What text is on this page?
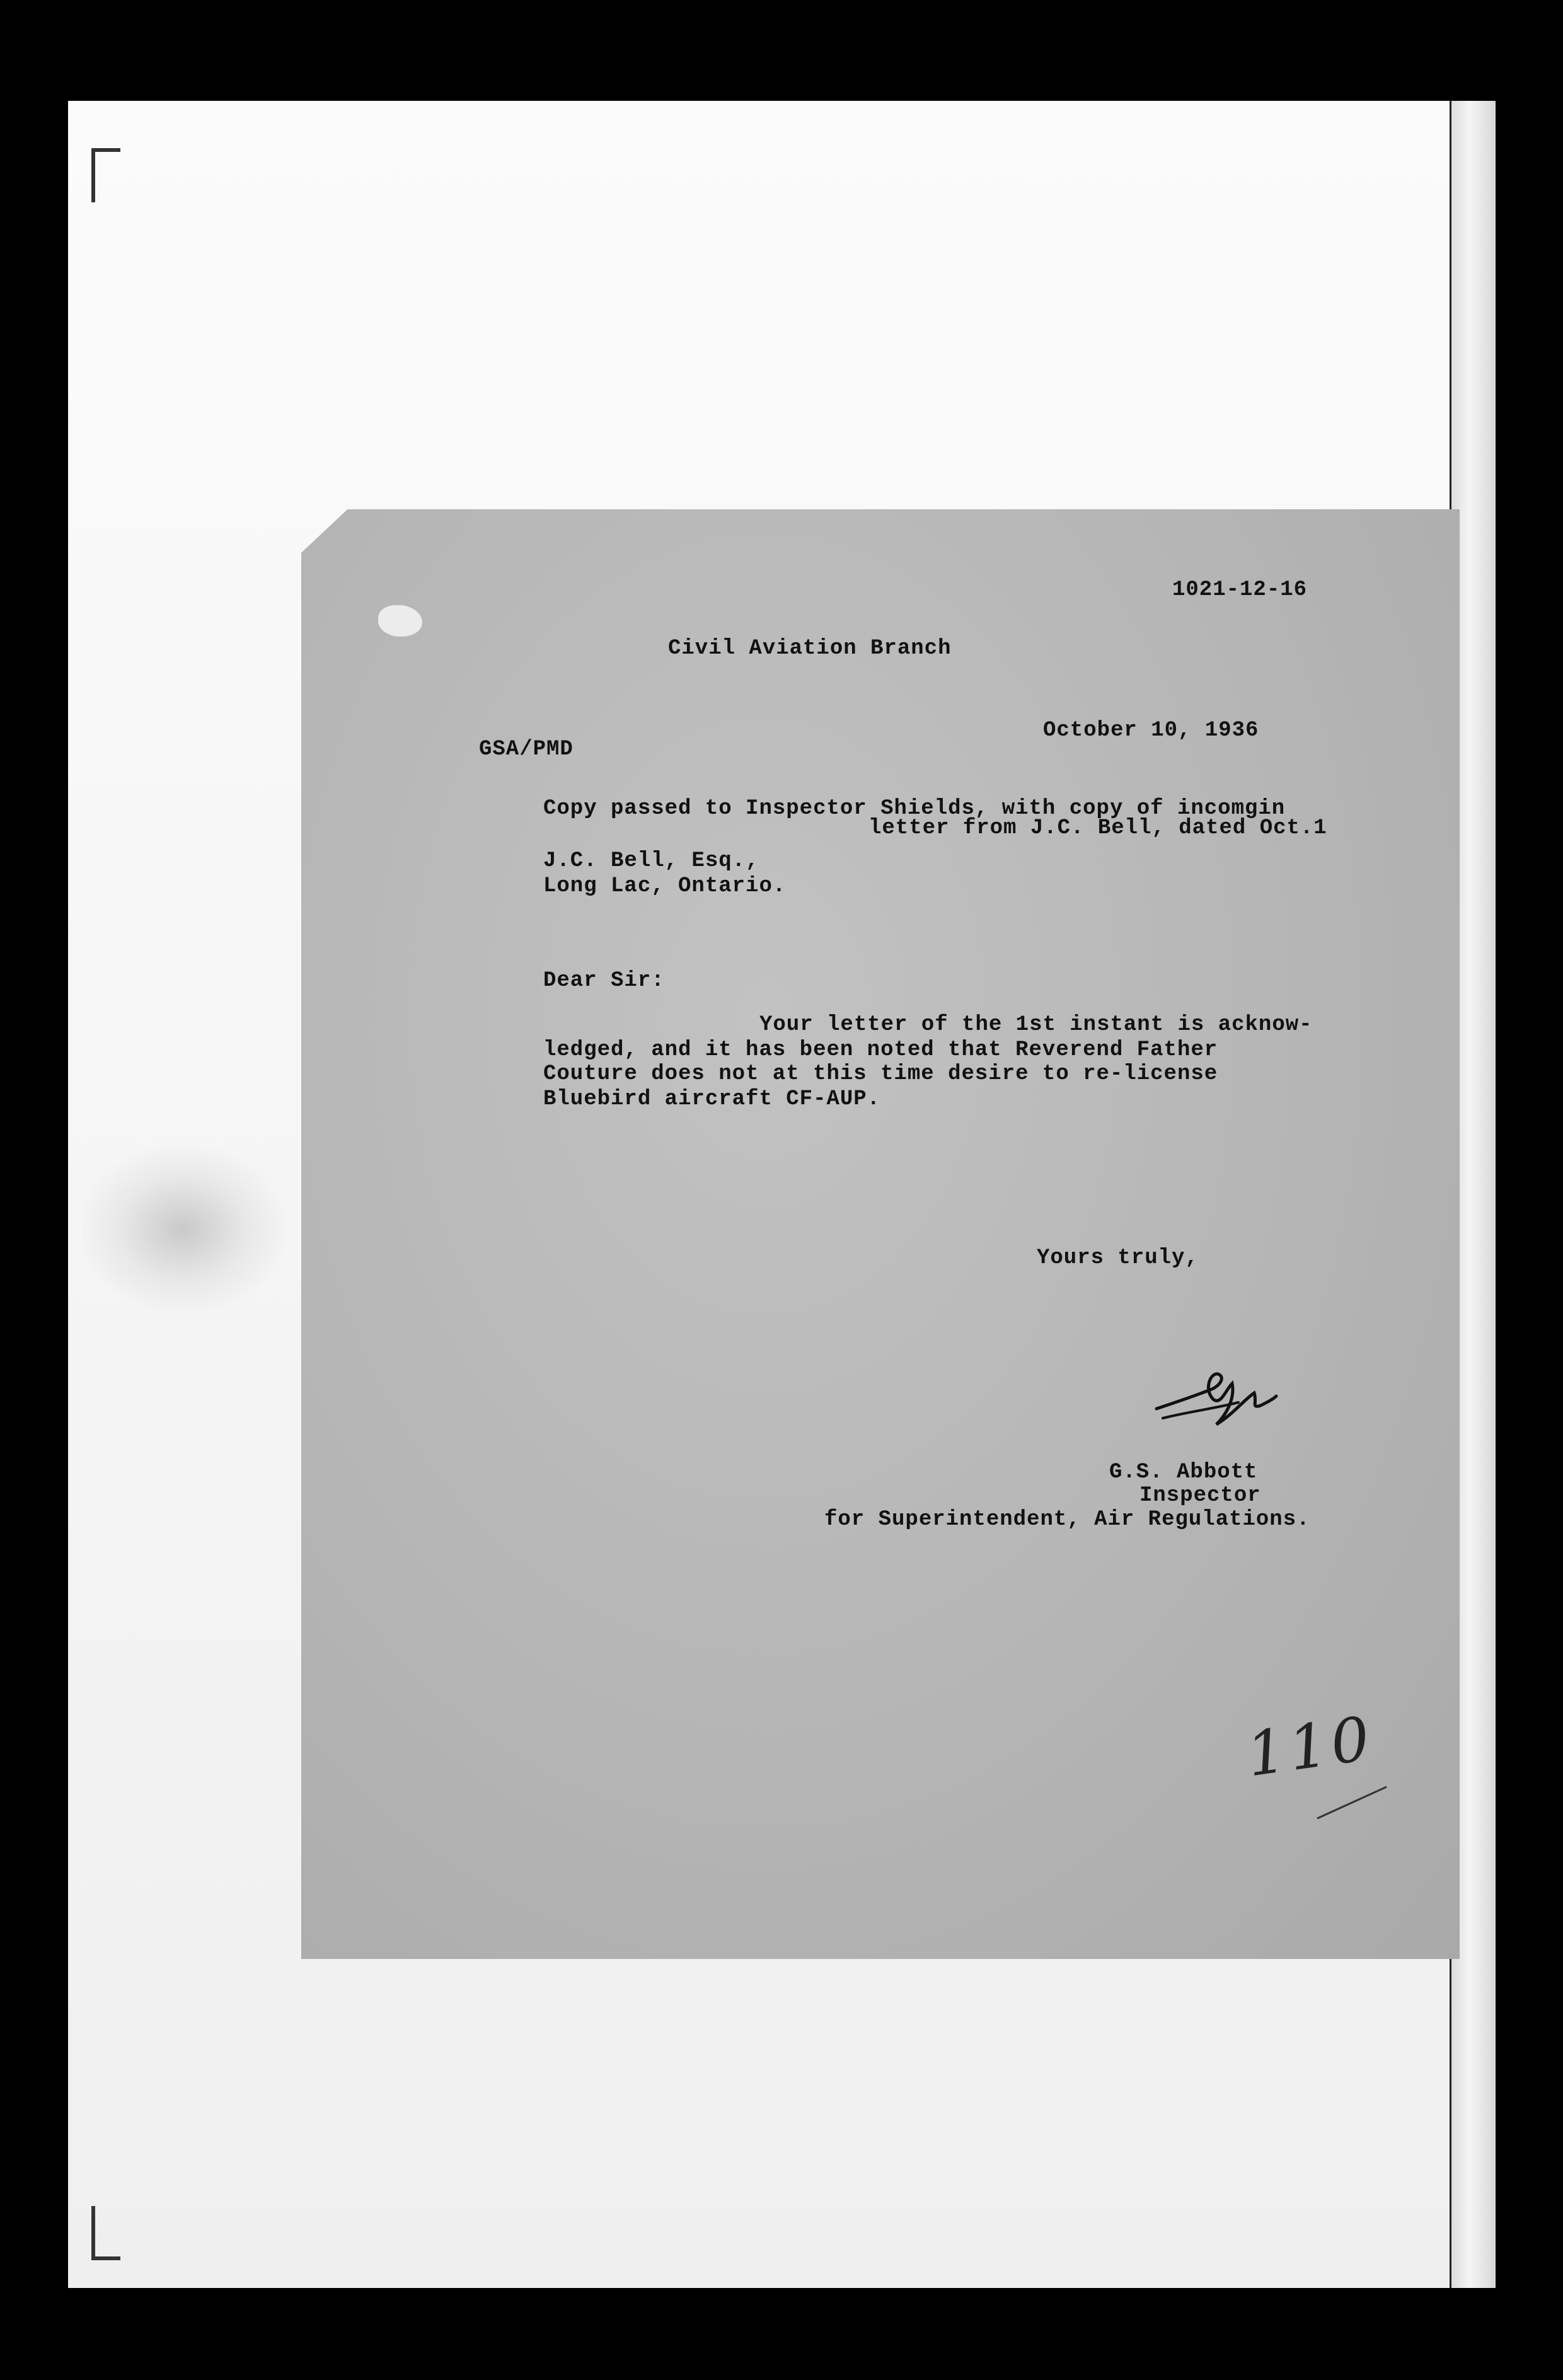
1021-12-16
Civil Aviation Branch
GSA/PMD
October 10, 1936
Copy passed to Inspector Shields, with copy of incomgin
letter from J.C. Bell, dated Oct.1
J.C. Bell, Esq.,
Long Lac, Ontario.
Dear Sir:
Your letter of the 1st instant is acknow-
ledged, and it has been noted that Reverend Father
Couture does not at this time desire to re-license
Bluebird aircraft CF-AUP.
Yours truly,
G.S. Abbott
Inspector
for Superintendent, Air Regulations.
110
